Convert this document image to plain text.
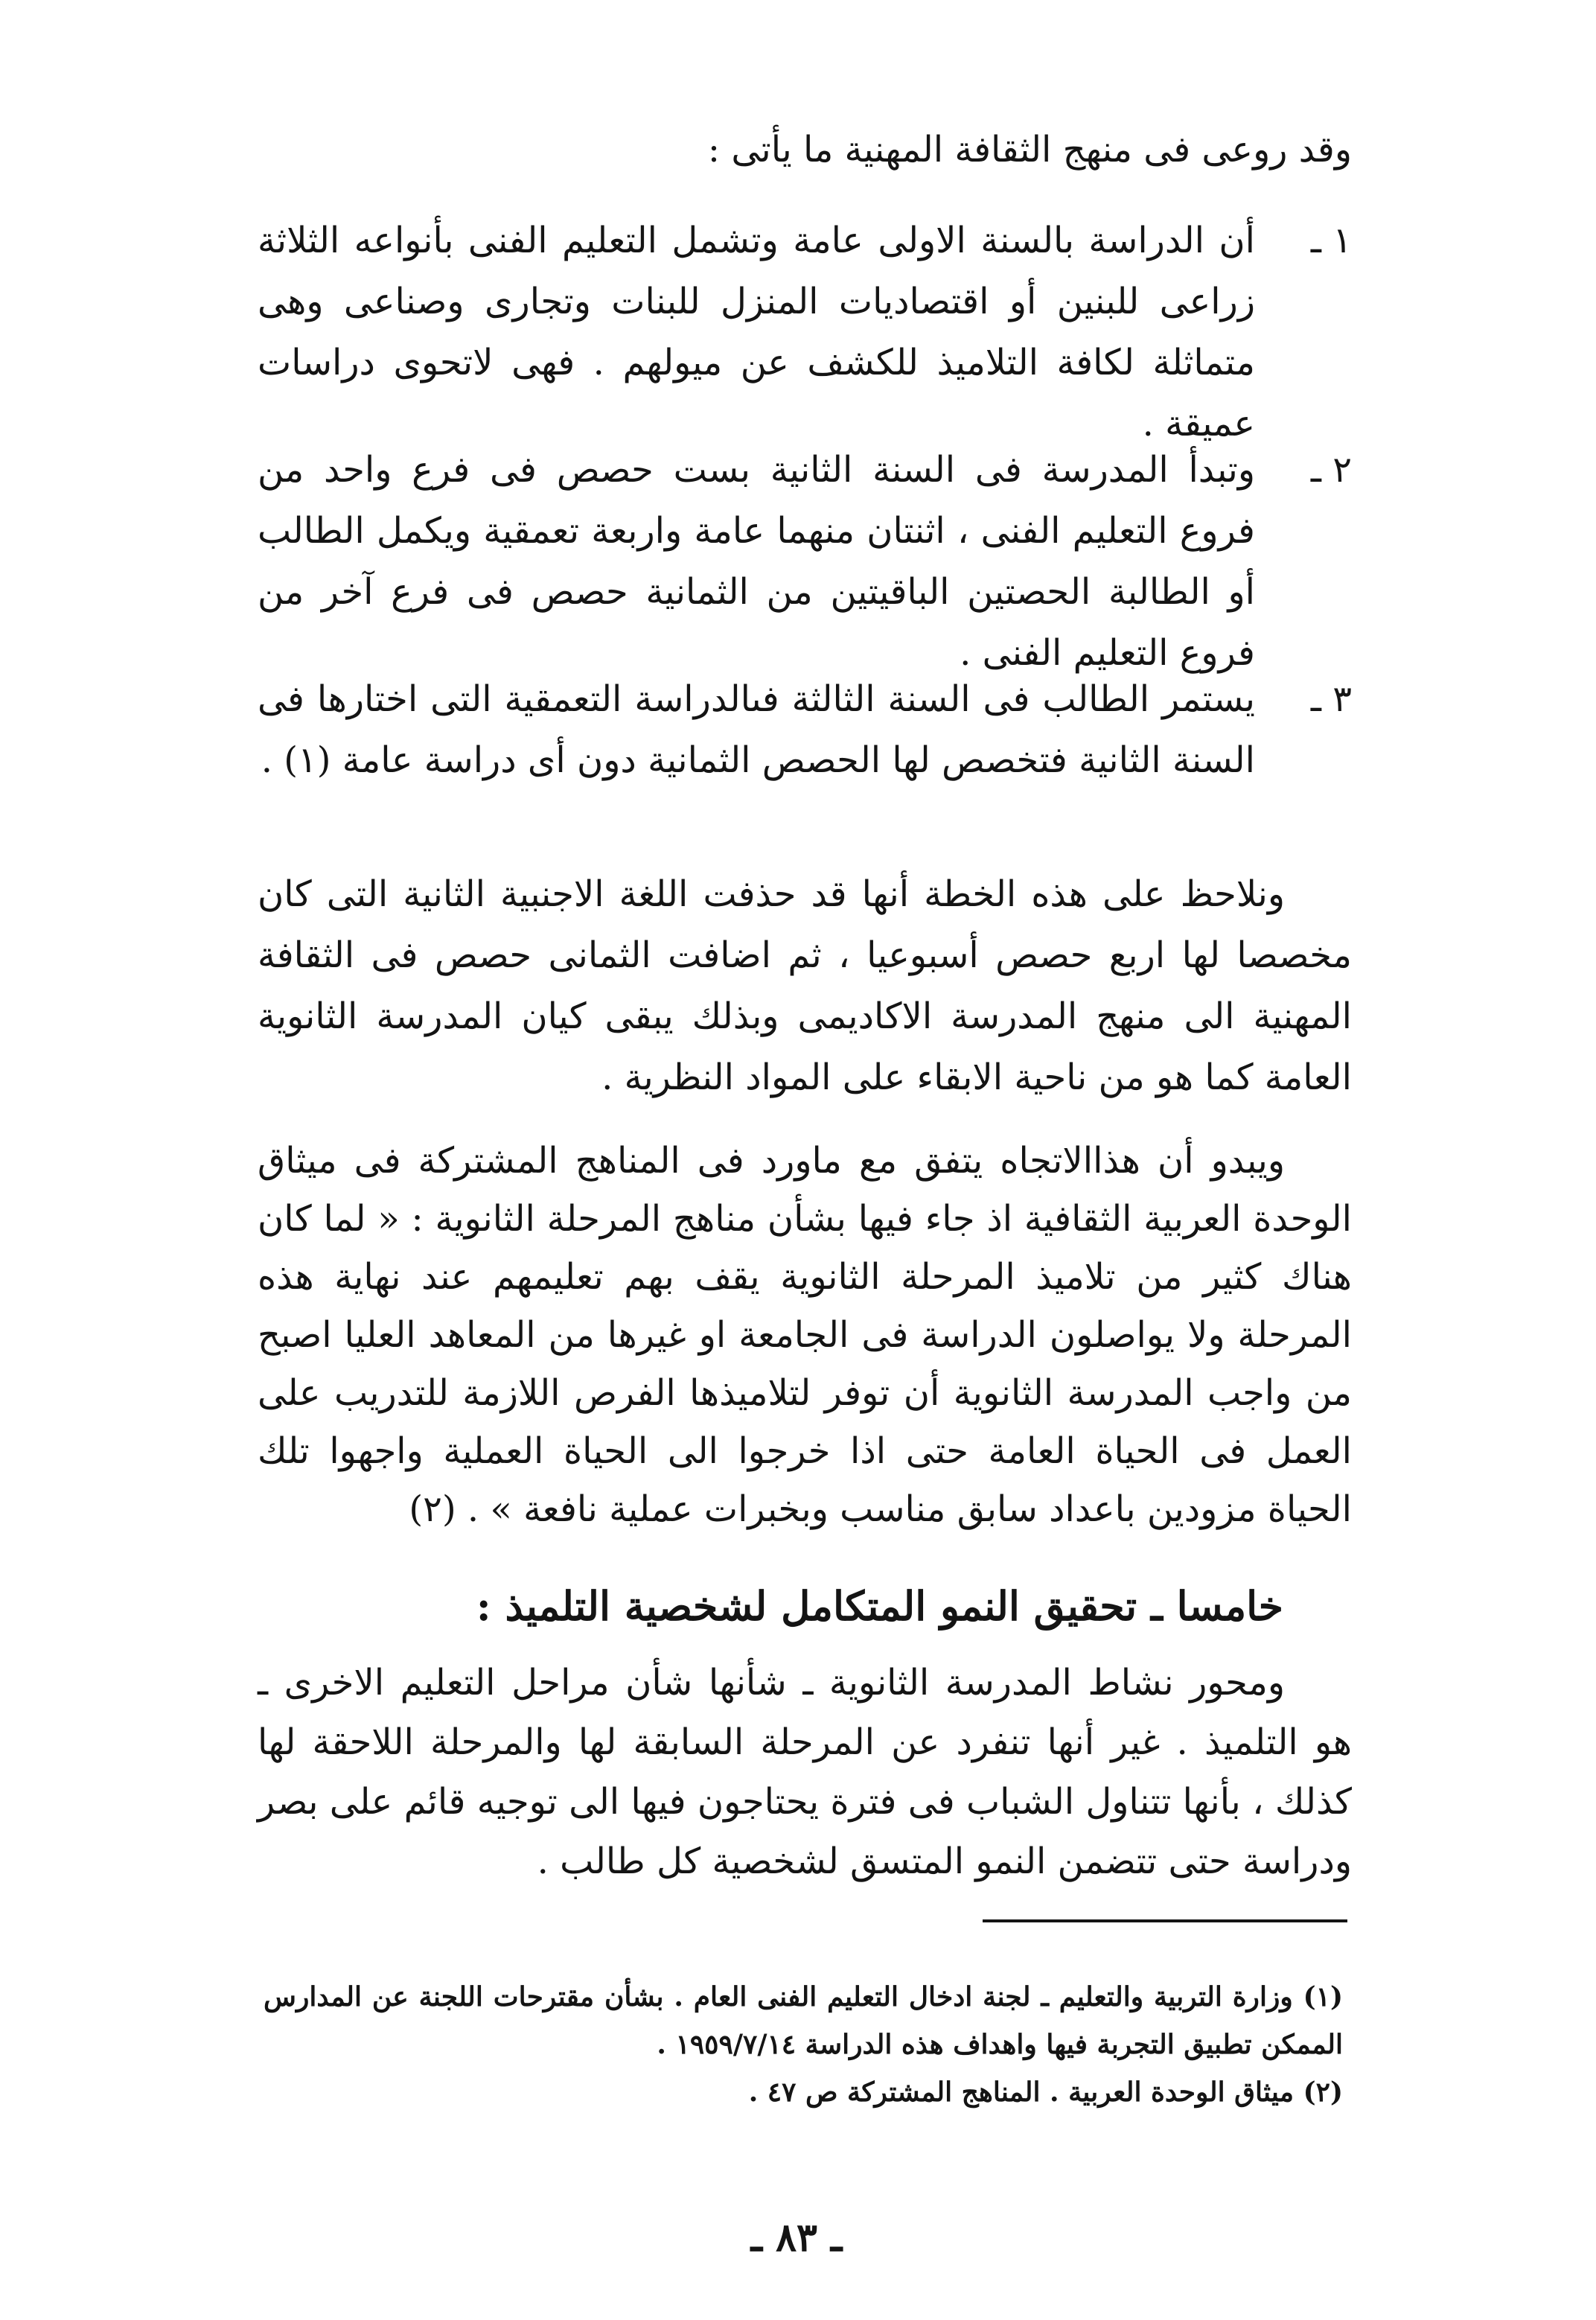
وقد روعى فى منهج الثقافة المهنية ما يأتى :

١ ـ

أن الدراسة بالسنة الاولى عامة وتشمل التعليم الفنى بأنواعه الثلاثة زراعى للبنين أو اقتصاديات المنزل للبنات وتجارى وصناعى وهى متماثلة لكافة التلاميذ للكشف عن ميولهم . فهى لاتحوى دراسات عميقة .

٢ ـ

وتبدأ المدرسة فى السنة الثانية بست حصص فى فرع واحد من فروع التعليم الفنى ، اثنتان منهما عامة واربعة تعمقية ويكمل الطالب أو الطالبة الحصتين الباقيتين من الثمانية حصص فى فرع آخر من فروع التعليم الفنى .

٣ ـ

يستمر الطالب فى السنة الثالثة فىالدراسة التعمقية التى اختارها فى السنة الثانية فتخصص لها الحصص الثمانية دون أى دراسة عامة (١) .

ونلاحظ على هذه الخطة أنها قد حذفت اللغة الاجنبية الثانية التى كان مخصصا لها اربع حصص أسبوعيا ، ثم اضافت الثمانى حصص فى الثقافة المهنية الى منهج المدرسة الاكاديمى وبذلك يبقى كيان المدرسة الثانوية العامة كما هو من ناحية الابقاء على المواد النظرية .

ويبدو أن هذاالاتجاه يتفق مع ماورد فى المناهج المشتركة فى ميثاق الوحدة العربية الثقافية اذ جاء فيها بشأن مناهج المرحلة الثانوية : « لما كان هناك كثير من تلاميذ المرحلة الثانوية يقف بهم تعليمهم عند نهاية هذه المرحلة ولا يواصلون الدراسة فى الجامعة او غيرها من المعاهد العليا اصبح من واجب المدرسة الثانوية أن توفر لتلاميذها الفرص اللازمة للتدريب على العمل فى الحياة العامة حتى اذا خرجوا الى الحياة العملية واجهوا تلك الحياة مزودين باعداد سابق مناسب وبخبرات عملية نافعة » . (٢)

خامسا ـ تحقيق النمو المتكامل لشخصية التلميذ :

ومحور نشاط المدرسة الثانوية ـ شأنها شأن مراحل التعليم الاخرى ـ هو التلميذ . غير أنها تنفرد عن المرحلة السابقة لها والمرحلة اللاحقة لها كذلك ، بأنها تتناول الشباب فى فترة يحتاجون فيها الى توجيه قائم على بصر ودراسة حتى تتضمن النمو المتسق لشخصية كل طالب .

(١) وزارة التربية والتعليم ـ لجنة ادخال التعليم الفنى العام . بشأن مقترحات اللجنة عن المدارس الممكن تطبيق التجربة فيها واهداف هذه الدراسة ١٩٥٩/٧/١٤ .

(٢) ميثاق الوحدة العربية . المناهج المشتركة ص ٤٧ .

ـ ٨٣ ـ
